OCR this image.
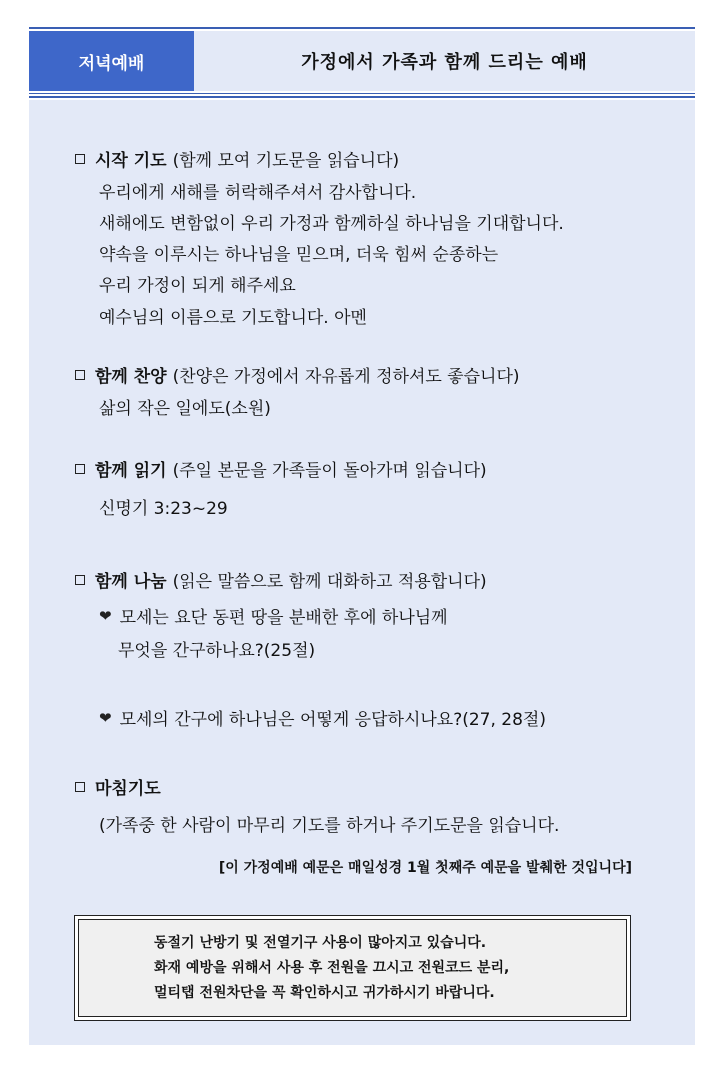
저녁예배	가정에서 가족과 함께 드리는 예배
시작 기도 (함께 모여 기도문을 읽습니다)
우리에게 새해를 허락해주셔서 감사합니다.
새해에도 변함없이 우리 가정과 함께하실 하나님을 기대합니다.
약속을 이루시는 하나님을 믿으며, 더욱 힘써 순종하는
우리 가정이 되게 해주세요
예수님의 이름으로 기도합니다. 아멘
함께 찬양 (찬양은 가정에서 자유롭게 정하셔도 좋습니다)
삶의 작은 일에도(소원)
함께 읽기 (주일 본문을 가족들이 돌아가며 읽습니다)
신명기 3:23~29
함께 나눔 (읽은 말씀으로 함께 대화하고 적용합니다)
❤ 모세는 요단 동편 땅을 분배한 후에 하나님께
무엇을 간구하나요?(25절)
❤ 모세의 간구에 하나님은 어떻게 응답하시나요?(27, 28절)
마침기도
(가족중 한 사람이 마무리 기도를 하거나 주기도문을 읽습니다.
[이 가정예배 예문은 매일성경 1월 첫째주 예문을 발췌한 것입니다]
동절기 난방기 및 전열기구 사용이 많아지고 있습니다.
화재 예방을 위해서 사용 후 전원을 끄시고 전원코드 분리,
멀티탭 전원차단을 꼭 확인하시고 귀가하시기 바랍니다.
